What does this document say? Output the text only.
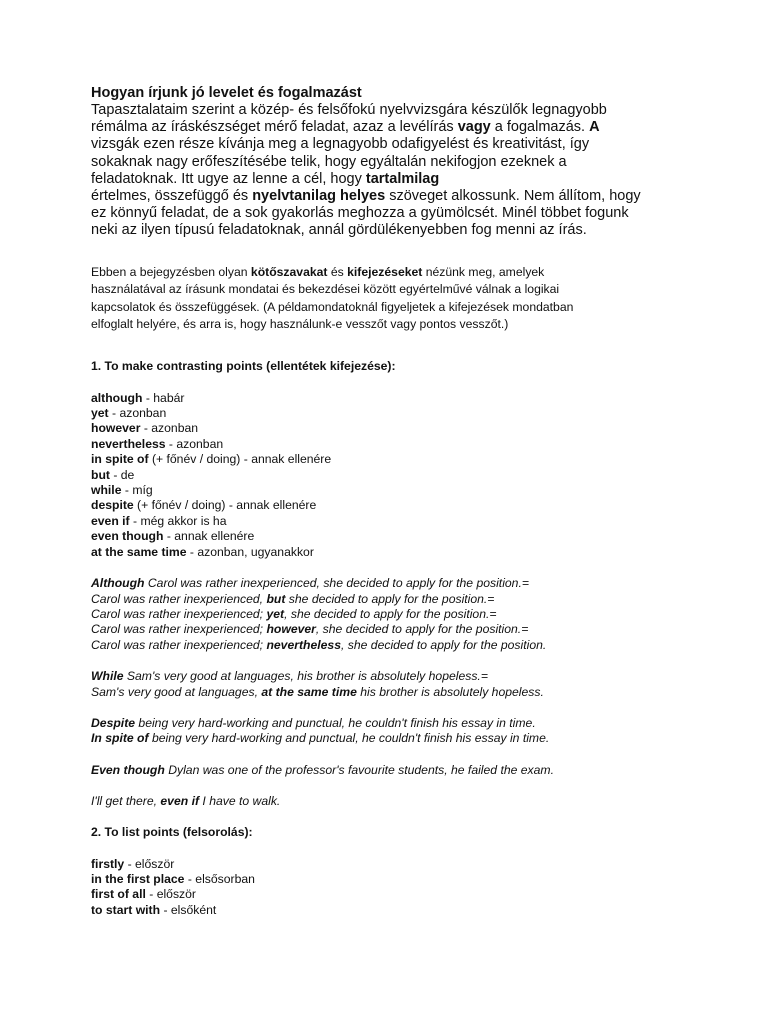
Hogyan írjunk jó levelet és fogalmazást
Tapasztalataim szerint a közép- és felsőfokú nyelvvizsgára készülők legnagyobb
rémálma az íráskészséget mérő feladat, azaz a levélírás vagy a fogalmazás. A
vizsgák ezen része kívánja meg a legnagyobb odafigyelést és kreativitást, így
sokaknak nagy erőfeszítésébe telik, hogy egyáltalán nekifogjon ezeknek a
feladatoknak. Itt ugye az lenne a cél, hogy tartalmilag
értelmes, összefüggő és nyelvtanilag helyes szöveget alkossunk. Nem állítom, hogy
ez könnyű feladat, de a sok gyakorlás meghozza a gyümölcsét. Minél többet fogunk
neki az ilyen típusú feladatoknak, annál gördülékenyebben fog menni az írás.
Ebben a bejegyzésben olyan kötőszavakat és kifejezéseket nézünk meg, amelyek
használatával az írásunk mondatai és bekezdései között egyértelművé válnak a logikai
kapcsolatok és összefüggések. (A példamondatoknál figyeljetek a kifejezések mondatban
elfoglalt helyére, és arra is, hogy használunk-e vesszőt vagy pontos vesszőt.)
1. To make contrasting points (ellentétek kifejezése):
although - habár
yet - azonban
however - azonban
nevertheless - azonban
in spite of (+ főnév / doing) - annak ellenére
but - de
while - míg
despite (+ főnév / doing) - annak ellenére
even if - még akkor is ha
even though - annak ellenére
at the same time - azonban, ugyanakkor
Although Carol was rather inexperienced, she decided to apply for the position.=
Carol was rather inexperienced, but she decided to apply for the position.=
Carol was rather inexperienced; yet, she decided to apply for the position.=
Carol was rather inexperienced; however, she decided to apply for the position.=
Carol was rather inexperienced; nevertheless, she decided to apply for the position.
While Sam's very good at languages, his brother is absolutely hopeless.=
Sam's very good at languages, at the same time his brother is absolutely hopeless.
Despite being very hard-working and punctual, he couldn't finish his essay in time.
In spite of being very hard-working and punctual, he couldn't finish his essay in time.
Even though Dylan was one of the professor's favourite students, he failed the exam.
I'll get there, even if I have to walk.
2. To list points (felsorolás):
firstly - először
in the first place - elsősorban
first of all - először
to start with - elsőként
